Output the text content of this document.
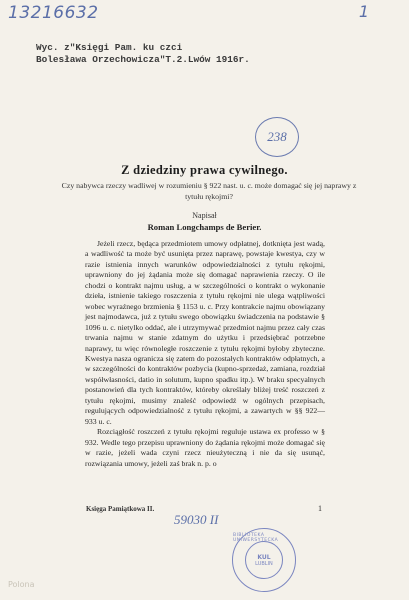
13216632	1
Wyc. z"Księgi Pam. ku czci
Bolesława Orzechowicza"T.2.Lwów 1916r.
238
Z dziedziny prawa cywilnego.
Czy nabywca rzeczy wadliwej w rozumieniu § 922 nast. u. c. może domagać się jej naprawy z tytułu rękojmi?
Napisał
Roman Longchamps de Berier.

Jeżeli rzecz, będąca przedmiotem umowy odpłatnej, dotknięta jest wadą, a wadliwość ta może być usunięta przez naprawę, powstaje kwestya, czy w razie istnienia innych warunków odpowiedzialności z tytułu rękojmi, uprawniony do jej żądania może się domagać naprawienia rzeczy. O ile chodzi o kontrakt najmu usług, a w szczególności o kontrakt o wykonanie dzieła, istnienie takiego roszczenia z tytułu rękojmi nie ulega wątpliwości wobec wyraźnego brzmienia § 1153 u. c. Przy kontrakcie najmu obowiązany jest najmodawca, już z tytułu swego obowiązku świadczenia na podstawie § 1096 u. c. nietylko oddać, ale i utrzymywać przedmiot najmu przez cały czas trwania najmu w stanie zdatnym do użytku i przedsiębrać potrzebne naprawy, tu więc równoległe roszczenie z tytułu rękojmi byłoby zbyteczne. Kwestya nasza ogranicza się zatem do pozostałych kontraktów odpłatnych, a w szczególności do kontraktów pozbycia (kupno-sprzedaż, zamiana, rozdział współwłasności, datio in solutum, kupno spadku itp.). W braku specyalnych postanowień dla tych kontraktów, któreby określały bliżej treść roszczeń z tytułu rękojmi, musimy znaleść odpowiedź w ogólnych przepisach, regulujących odpowiedzialność z tytułu rękojmi, a zawartych w §§ 922—933 u. c.

Rozciągłość roszczeń z tytułu rękojmi reguluje ustawa ex professo w § 932. Wedle tego przepisu uprawniony do żądania rękojmi może domagać się w razie, jeżeli wada czyni rzecz nieużyteczną i nie da się usunąć, rozwiązania umowy, jeżeli zaś brak n. p. o

Księga Pamiątkowa II.	1
59030 II
BIBLIOTEKA UNIWERSYTECKA
KUL
LUBLIN
Polona
